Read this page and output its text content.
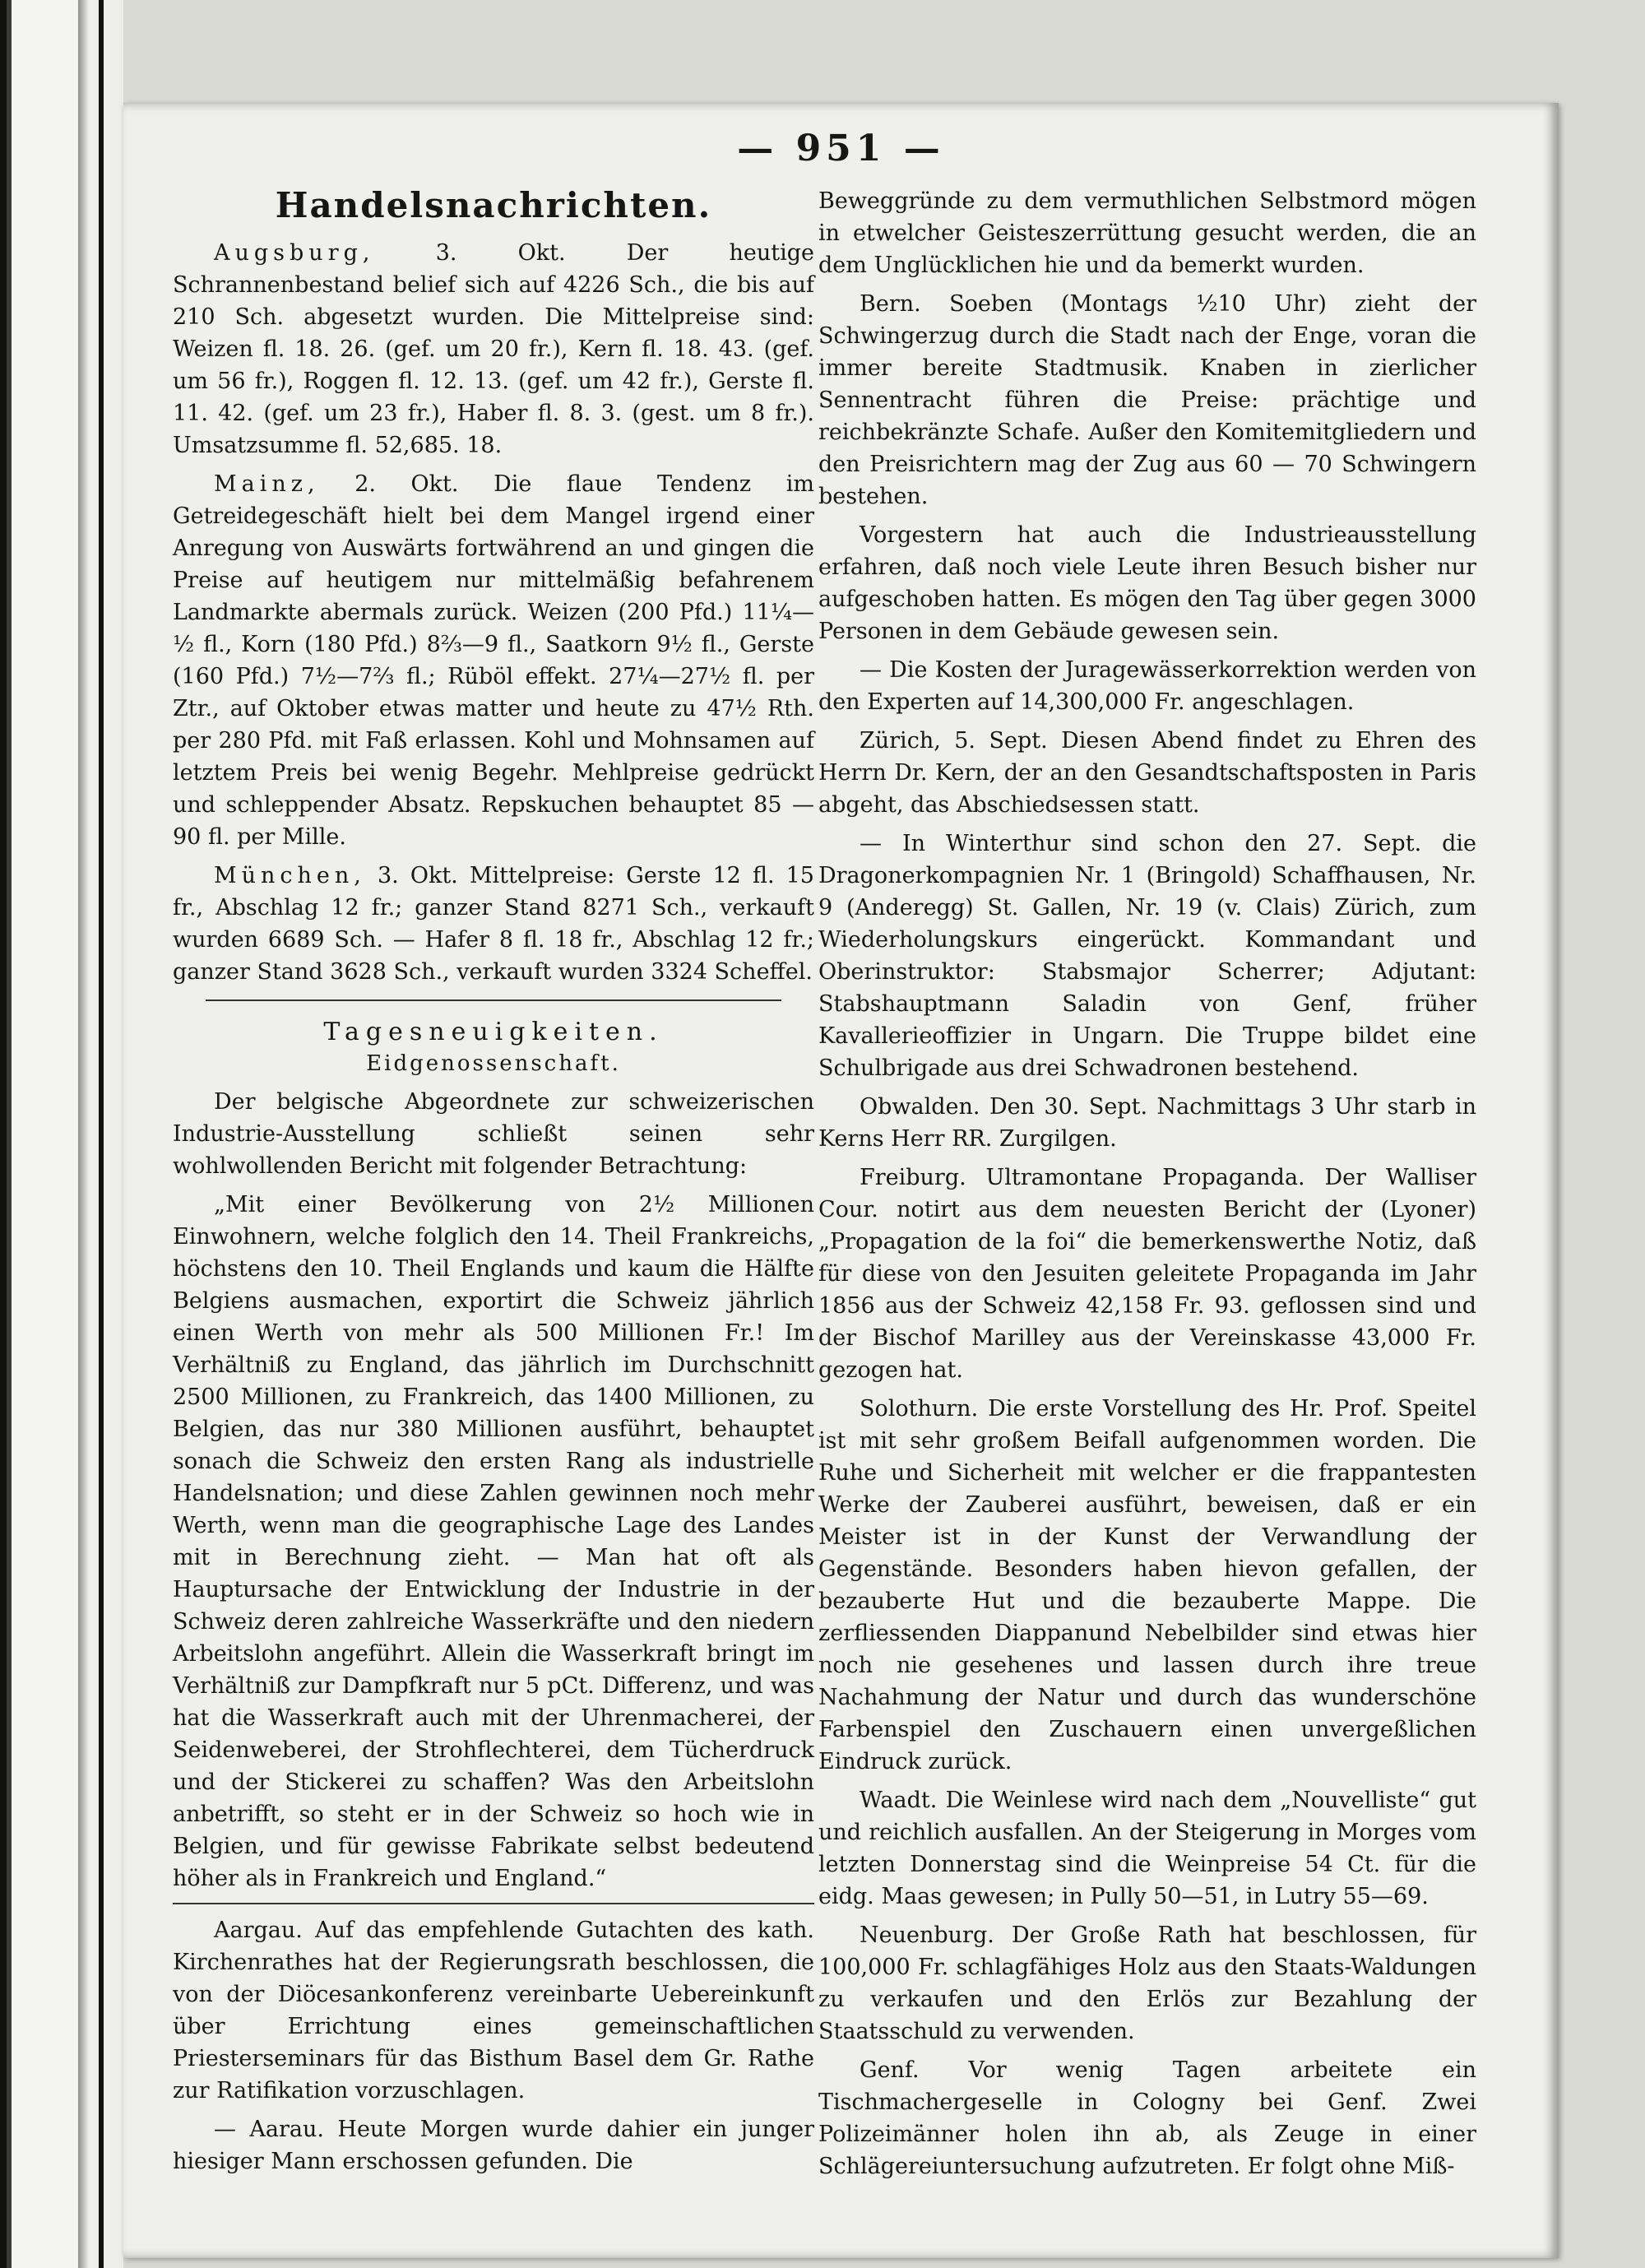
— 951 —
Handelsnachrichten.

Augsburg,	3. Okt. Der heutige Schrannenbestand belief sich auf 4226 Sch., die bis auf 210 Sch. abgesetzt wurden. Die Mittelpreise sind: Weizen fl. 18. 26. (gef. um 20 fr.), Kern fl. 18. 43. (gef. um 56 fr.), Roggen fl. 12. 13. (gef. um 42 fr.), Gerste fl. 11. 42. (gef. um 23 fr.), Haber fl. 8. 3. (gest. um 8 fr.). Umsatzsumme fl. 52,685. 18.

Mainz, 2. Okt. Die flaue Tendenz im Getreidegeschäft hielt bei dem Mangel irgend einer Anregung von Auswärts fortwährend an und gingen die Preise auf heutigem nur mittelmäßig befahrenem Landmarkte abermals zurück. Weizen (200 Pfd.) 11¼—½ fl., Korn (180 Pfd.) 8⅔—9 fl., Saatkorn 9½ fl., Gerste (160 Pfd.) 7½—7⅔ fl.; Rüböl effekt. 27¼—27½ fl. per Ztr., auf Oktober etwas matter und heute zu 47½ Rth. per 280 Pfd. mit Faß erlassen. Kohl und Mohnsamen auf letztem Preis bei wenig Begehr. Mehlpreise gedrückt und schleppender Absatz. Repskuchen behauptet 85 — 90 fl. per Mille.

München, 3. Okt. Mittelpreise: Gerste 12 fl. 15 fr., Abschlag 12 fr.; ganzer Stand 8271 Sch., verkauft wurden 6689 Sch. — Hafer 8 fl. 18 fr., Abschlag 12 fr.; ganzer Stand 3628 Sch., verkauft wurden 3324 Scheffel.

Tagesneuigkeiten.
Eidgenossenschaft.

Der belgische Abgeordnete zur schweizerischen Industrie-Ausstellung schließt seinen sehr wohlwollenden Bericht mit folgender Betrachtung:

„Mit einer Bevölkerung von 2½ Millionen Einwohnern, welche folglich den 14. Theil Frankreichs, höchstens den 10. Theil Englands und kaum die Hälfte Belgiens ausmachen, exportirt die Schweiz jährlich einen Werth von mehr als 500 Millionen Fr.! Im Verhältniß zu England, das jährlich im Durchschnitt 2500 Millionen, zu Frankreich, das 1400 Millionen, zu Belgien, das nur 380 Millionen ausführt, behauptet sonach die Schweiz den ersten Rang als industrielle Handelsnation; und diese Zahlen gewinnen noch mehr Werth, wenn man die geographische Lage des Landes mit in Berechnung zieht. — Man hat oft als Hauptursache der Entwicklung der Industrie in der Schweiz deren zahlreiche Wasserkräfte und den niedern Arbeitslohn angeführt. Allein die Wasserkraft bringt im Verhältniß zur Dampfkraft nur 5 pCt. Differenz, und was hat die Wasserkraft auch mit der Uhrenmacherei, der Seidenweberei, der Strohflechterei, dem Tücherdruck und der Stickerei zu schaffen? Was den Arbeitslohn anbetrifft, so steht er in der Schweiz so hoch wie in Belgien, und für gewisse Fabrikate selbst bedeutend höher als in Frankreich und England.“

Aargau. Auf das empfehlende Gutachten des kath. Kirchenrathes hat der Regierungsrath beschlossen, die von der Diöcesankonferenz vereinbarte Uebereinkunft über Errichtung eines gemeinschaftlichen Priesterseminars für das Bisthum Basel dem Gr. Rathe zur Ratifikation vorzuschlagen.

— Aarau. Heute Morgen wurde dahier ein junger hiesiger Mann erschossen gefunden. Die

Beweggründe zu dem vermuthlichen Selbstmord mögen in etwelcher Geisteszerrüttung gesucht werden, die an dem Unglücklichen hie und da bemerkt wurden.

Bern. Soeben (Montags ½10 Uhr) zieht der Schwingerzug durch die Stadt nach der Enge, voran die immer bereite Stadtmusik. Knaben in zierlicher Sennentracht führen die Preise: prächtige und reichbekränzte Schafe. Außer den Komitemitgliedern und den Preisrichtern mag der Zug aus 60 — 70 Schwingern bestehen.

Vorgestern hat auch die Industrieausstellung erfahren, daß noch viele Leute ihren Besuch bisher nur aufgeschoben hatten. Es mögen den Tag über gegen 3000 Personen in dem Gebäude gewesen sein.

— Die Kosten der Juragewässerkorrektion werden von den Experten auf 14,300,000 Fr. angeschlagen.

Zürich, 5. Sept. Diesen Abend findet zu Ehren des Herrn Dr. Kern, der an den Gesandtschaftsposten in Paris abgeht, das Abschiedsessen statt.

— In Winterthur sind schon den 27. Sept. die Dragonerkompagnien Nr. 1 (Bringold) Schaffhausen, Nr. 9 (Anderegg) St. Gallen, Nr. 19 (v. Clais) Zürich, zum Wiederholungskurs eingerückt. Kommandant und Oberinstruktor: Stabsmajor Scherrer; Adjutant: Stabshauptmann Saladin von Genf, früher Kavallerieoffizier in Ungarn. Die Truppe bildet eine Schulbrigade aus drei Schwadronen bestehend.

Obwalden. Den 30. Sept. Nachmittags 3 Uhr starb in Kerns Herr RR. Zurgilgen.

Freiburg. Ultramontane Propaganda. Der Walliser Cour. notirt aus dem neuesten Bericht der (Lyoner) „Propagation de la foi“ die bemerkenswerthe Notiz, daß für diese von den Jesuiten geleitete Propaganda im Jahr 1856 aus der Schweiz 42,158 Fr. 93. geflossen sind und der Bischof Marilley aus der Vereinskasse 43,000 Fr. gezogen hat.

Solothurn. Die erste Vorstellung des Hr. Prof. Speitel ist mit sehr großem Beifall aufgenommen worden. Die Ruhe und Sicherheit mit welcher er die frappantesten Werke der Zauberei ausführt, beweisen, daß er ein Meister ist in der Kunst der Verwandlung der Gegenstände. Besonders haben hievon gefallen, der bezauberte Hut und die bezauberte Mappe. Die zerfliessenden Diappanund Nebelbilder sind etwas hier noch nie gesehenes und lassen durch ihre treue Nachahmung der Natur und durch das wunderschöne Farbenspiel den Zuschauern einen unvergeßlichen Eindruck zurück.

Waadt. Die Weinlese wird nach dem „Nouvelliste“ gut und reichlich ausfallen. An der Steigerung in Morges vom letzten Donnerstag sind die Weinpreise 54 Ct. für die eidg. Maas gewesen; in Pully 50—51, in Lutry 55—69.

Neuenburg. Der Große Rath hat beschlossen, für 100,000 Fr. schlagfähiges Holz aus den Staats-Waldungen zu verkaufen und den Erlös zur Bezahlung der Staatsschuld zu verwenden.

Genf. Vor wenig Tagen arbeitete ein Tischmachergeselle in Cologny bei Genf. Zwei Polizeimänner holen ihn ab, als Zeuge in einer Schlägereiuntersuchung aufzutreten. Er folgt ohne Miß-
